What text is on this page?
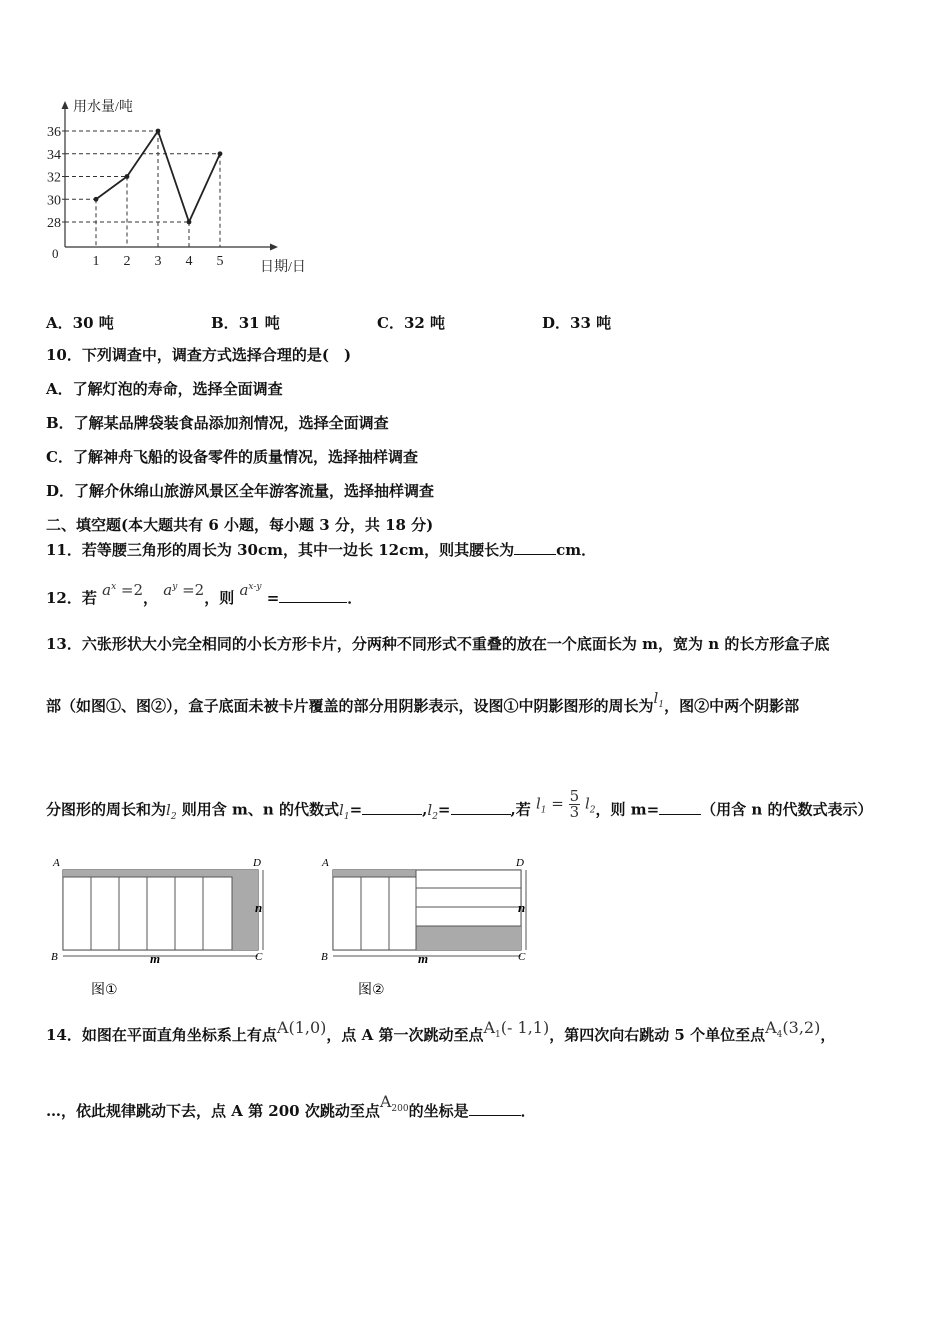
用水量/吨
日期/日
0
28
30
32
34
36
1 2 3 4 5
A．30 吨	B．31 吨	C．32 吨	D．33 吨
10．下列调查中，调查方式选择合理的是(　)
A．了解灯泡的寿命，选择全面调查
B．了解某品牌袋装食品添加剂情况，选择全面调查
C．了解神舟飞船的设备零件的质量情况，选择抽样调查
D．了解介休绵山旅游风景区全年游客流量，选择抽样调查
二、填空题(本大题共有 6 小题，每小题 3 分，共 18 分)
11．若等腰三角形的周长为 30cm，其中一边长 12cm，则其腰长为	cm．
12．若 $a^x =2$， $a^y =2$，则 $a^{x-y}$ =	．
13．六张形状大小完全相同的小长方形卡片，分两种不同形式不重叠的放在一个底面长为 m，宽为 n 的长方形盒子底
部（如图①、图②），盒子底面未被卡片覆盖的部分用阴影表示，设图①中阴影图形的周长为$l_1$，图②中两个阴影部
分图形的周长和为$l_2$ 则用含 m、n 的代数式$l_1=$	$,l_2=$	,若 $l_1 = \frac{5}{3} l_2$，则 m=	（用含 n 的代数式表示）
A	D
B	C
n
m
图①
A	D
B	C
n
m
图②
14．如图在平面直角坐标系上有点A(1,0)，点 A 第一次跳动至点$A_1(-$ 1,1)，第四次向右跳动 5 个单位至点$A_4(3,2)$，
…，依此规律跳动下去，点 A 第 200 次跳动至点$A_{200}$的坐标是	．
